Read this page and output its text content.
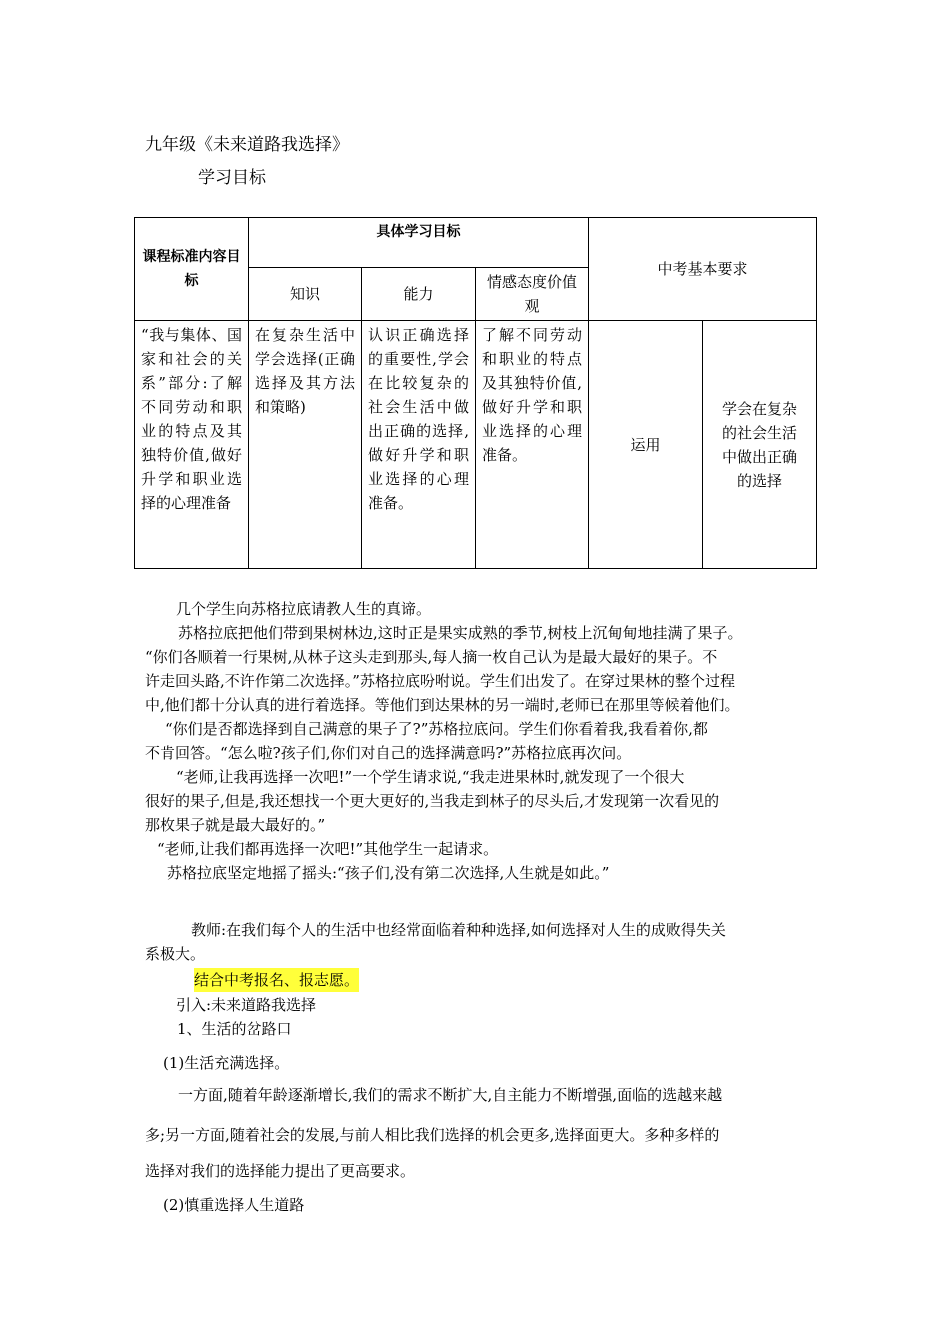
九年级《未来道路我选择》
学习目标
课程标准内容目标	具体学习目标			中考基本要求	
	知识	能力	情感态度价值观		
“我与集体、国家和社会的关系”部分:了解不同劳动和职业的特点及其独特价值,做好升学和职业选择的心理准备	在复杂生活中学会选择(正确选择及其方法和策略)	认识正确选择的重要性,学会在比较复杂的社会生活中做出正确的选择,做好升学和职业选择的心理准备。	了解不同劳动和职业的特点及其独特价值,做好升学和职业选择的心理准备。	运用	学会在复杂的社会生活中做出正确的选择
几个学生向苏格拉底请教人生的真谛。
苏格拉底把他们带到果树林边,这时正是果实成熟的季节,树枝上沉甸甸地挂满了果子。
“你们各顺着一行果树,从林子这头走到那头,每人摘一枚自己认为是最大最好的果子。不
许走回头路,不许作第二次选择。”苏格拉底吩咐说。学生们出发了。在穿过果林的整个过程
中,他们都十分认真的进行着选择。等他们到达果林的另一端时,老师已在那里等候着他们。
“你们是否都选择到自己满意的果子了?”苏格拉底问。学生们你看着我,我看着你,都
不肯回答。“怎么啦?孩子们,你们对自己的选择满意吗?”苏格拉底再次问。
“老师,让我再选择一次吧!”一个学生请求说,“我走进果林时,就发现了一个很大
很好的果子,但是,我还想找一个更大更好的,当我走到林子的尽头后,才发现第一次看见的
那枚果子就是最大最好的。”
“老师,让我们都再选择一次吧!”其他学生一起请求。
苏格拉底坚定地摇了摇头:“孩子们,没有第二次选择,人生就是如此。”
教师:在我们每个人的生活中也经常面临着种种选择,如何选择对人生的成败得失关
系极大。
结合中考报名、报志愿。
引入:未来道路我选择
1、生活的岔路口
(1)生活充满选择。
一方面,随着年龄逐渐增长,我们的需求不断扩大,自主能力不断增强,面临的选越来越
多;另一方面,随着社会的发展,与前人相比我们选择的机会更多,选择面更大。多种多样的
选择对我们的选择能力提出了更高要求。
(2)慎重选择人生道路
